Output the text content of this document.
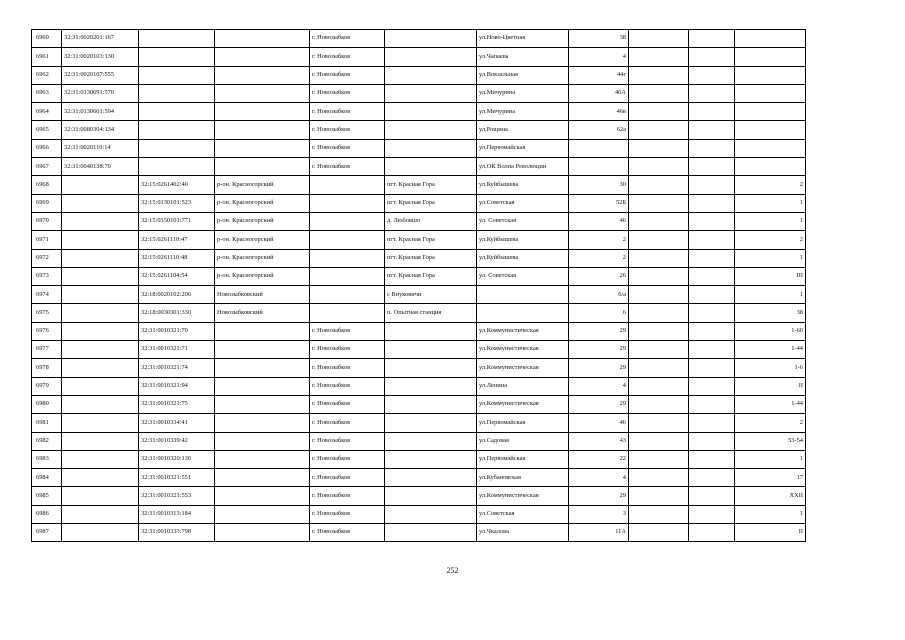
6960	32:31:0020201:167			г. Новозыбков		ул.Ново-Цветная	38			
6961	32:31:0020103:130			г. Новозыбков		ул.Чапаева	4			
6962	32:31:0020107:555			г. Новозыбков		ул.Вокзальная	44г			
6963	32:31:0130691:570			г. Новозыбков		ул.Мичурина	46А			
6964	32:31:0130601:594			г. Новозыбков		ул.Мичурина	46в			
6965	32:31:0080304:134			г. Новозыбков		ул.Рощина	62а			
6966	32:31:0020110:14			г. Новозыбков		ул.Первомайская				
6967	32:31:0040138:70			г. Новозыбков		ул.ОК Волна Революции				
6968		32:15:0261402:40	р-он. Красногорский		пгт. Красная Гора	ул.Куйбышева	30			2
6969		32:15:0130101:523	р-он. Красногорский		пгт. Красная Гора	ул.Советская	52Б			1
6970		32:15:0350101:771	р-он. Красногорский		д. Любовшо	ул. Советская	46			1
6971		32:15:0261110:47	р-он. Красногорский		пгт. Красная Гора	ул.Куйбышева	2			2
6972		32:15:0261110:48	р-он. Красногорский		пгт. Красная Гора	ул.Куйбышева	2			1
6973		32:15:0261104:54	р-он. Красногорский		пгт. Красная Гора	ул. Советская	26			III
6974		32:18:0020102:206	Новозыбковский		с Внуковичи		6/а			1
6975		32:18:0030301:330	Новозыбковский		п. Опытная станция		6			38
6976		32:31:0010321:70		г. Новозыбков		ул.Коммунистическая	29			1-60
6977		32:31:0010321:71		г. Новозыбков		ул.Коммунистическая	29			1-44
6978		32:31:0010321:74		г. Новозыбков		ул.Коммунистическая	29			1-6
6979		32:31:0010321:94		г. Новозыбков		ул.Ленина	4			II
6980		32:31:0010321:75		г. Новозыбков		ул.Коммунистическая	29			1-44
6981		32:31:0010334:41		г. Новозыбков		ул.Первомайская	46			2
6982		32:31:0010339:42		г. Новозыбков		ул.Садовая	43			53-54
6983		32:31:0010320:130		г. Новозыбков		ул.Первомайская	22			1
6984		32:31:0010321:551		г. Новозыбков		ул.Кубановская	4			17
6985		32:31:0010321:553		г. Новозыбков		ул.Коммунистическая	29			XXII
6986		32:31:0010313:184		г. Новозыбков		ул.Советская	3			1
6987		32:31:0010333:798		г. Новозыбков		ул.Чкалова	11А			II
252
